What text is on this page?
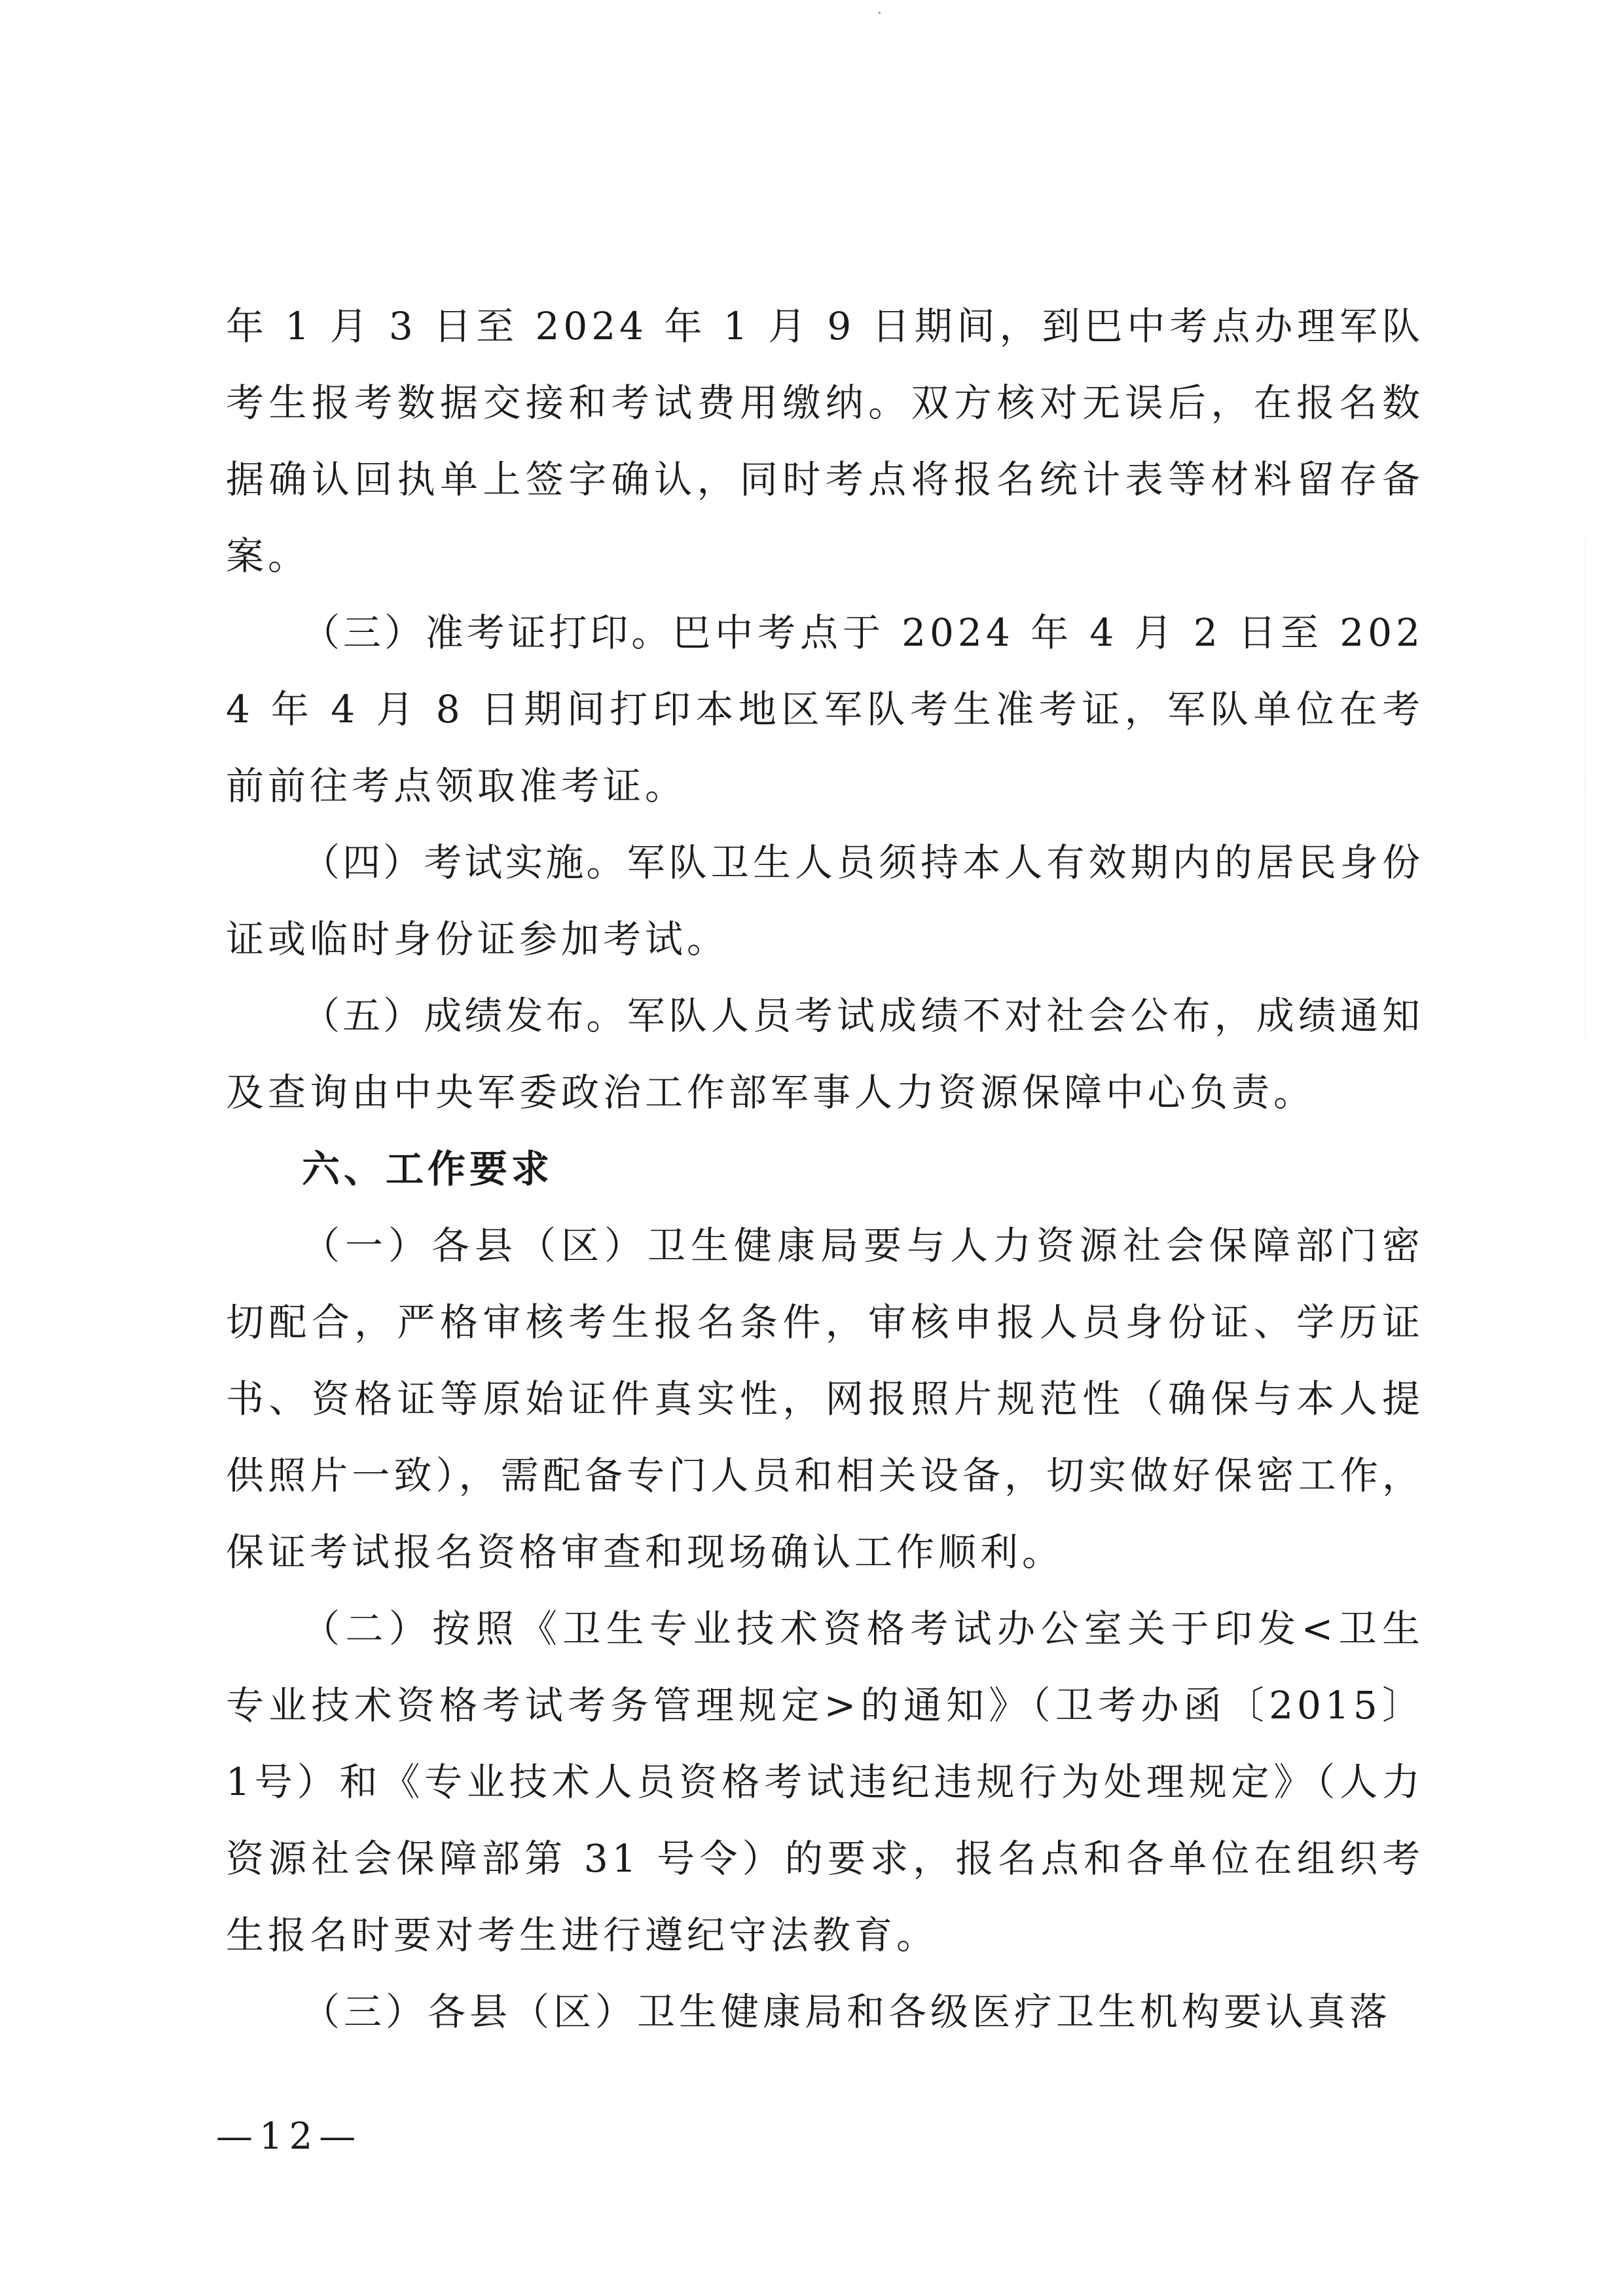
年 1 月 3 日至 2024 年 1 月 9 日期间，到巴中考点办理军队考生报考数据交接和考试费用缴纳。双方核对无误后，在报名数据确认回执单上签字确认，同时考点将报名统计表等材料留存备案。

（三）准考证打印。巴中考点于 2024 年 4 月 2 日至 2024 年 4 月 8 日期间打印本地区军队考生准考证，军队单位在考前前往考点领取准考证。

（四）考试实施。军队卫生人员须持本人有效期内的居民身份证或临时身份证参加考试。

（五）成绩发布。军队人员考试成绩不对社会公布，成绩通知及查询由中央军委政治工作部军事人力资源保障中心负责。

六、工作要求

（一）各县（区）卫生健康局要与人力资源社会保障部门密切配合，严格审核考生报名条件，审核申报人员身份证、学历证书、资格证等原始证件真实性，网报照片规范性（确保与本人提供照片一致），需配备专门人员和相关设备，切实做好保密工作，保证考试报名资格审查和现场确认工作顺利。

（二）按照《卫生专业技术资格考试办公室关于印发<卫生专业技术资格考试考务管理规定>的通知》（卫考办函〔2015〕1号）和《专业技术人员资格考试违纪违规行为处理规定》（人力资源社会保障部第 31 号令）的要求，报名点和各单位在组织考生报名时要对考生进行遵纪守法教育。

（三）各县（区）卫生健康局和各级医疗卫生机构要认真落

—12—
